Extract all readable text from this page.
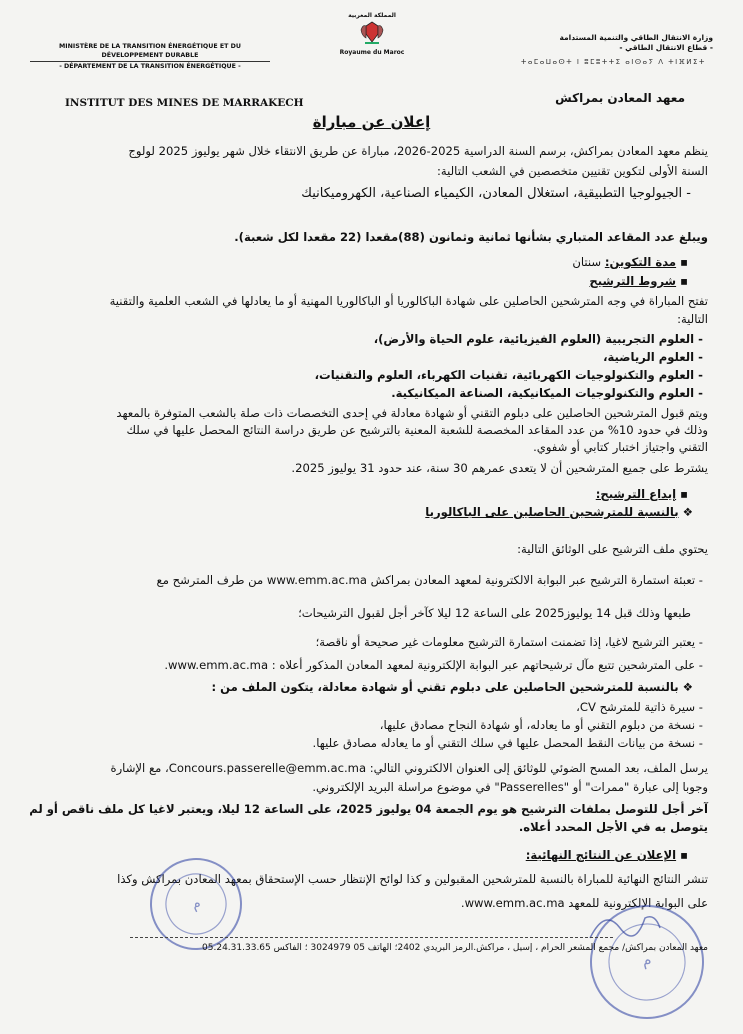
MINISTÈRE DE LA TRANSITION ÉNERGÉTIQUE ET DU
DÉVELOPPEMENT DURABLE
- DÉPARTEMENT DE LA TRANSITION ÉNERGÉTIQUE -
المملكة المغربية
Royaume du Maroc
وزارة الانتقال الطاقي والتنمية المستدامة
- قطاع الانتقال الطاقي -
ⵜⴰⵎⴰⵡⴰⵙⵜ ⵏ ⵓⵎⵓⵜⵜⵉ ⴰⵏⵙⴰⵢ ⴷ ⵜⵏⴼⵍⵉⵜ
INSTITUT DES MINES DE MARRAKECH	معهد المعادن بمراكش
إعلان عن مباراة
ينظم معهد المعادن بمراكش، برسم السنة الدراسية 2025-2026، مباراة عن طريق الانتقاء خلال شهر يوليوز 2025 لولوج
السنة الأولى لتكوين تقنيين متخصصين في الشعب التالية:
- الجيولوجيا التطبيقية، استغلال المعادن، الكيمياء الصناعية، الكهروميكانيك
ويبلغ عدد المقاعد المتباري بشأنها ثمانية وثمانون (88)مقعدا (22 مقعدا لكل شعبة).
▪ مدة التكوين: سنتان
▪ شروط الترشيح
تفتح المباراة في وجه المترشحين الحاصلين على شهادة الباكالوريا أو الباكالوريا المهنية أو ما يعادلها في الشعب العلمية والتقنية
التالية:
- العلوم التجريبية (العلوم الفيزيائية، علوم الحياة والأرض)،
- العلوم الرياضية،
- العلوم والتكنولوجيات الكهربائية، تقنيات الكهرباء، العلوم والتقنيات،
- العلوم والتكنولوجيات الميكانيكية، الصناعة الميكانيكية.
ويتم قبول المترشحين الحاصلين على دبلوم التقني أو شهادة معادلة في إحدى التخصصات ذات صلة بالشعب المتوفرة بالمعهد
وذلك في حدود 10% من عدد المقاعد المخصصة للشعبة المعنية بالترشيح عن طريق دراسة النتائج المحصل عليها في سلك
التقني واجتياز اختبار كتابي أو شفوي.
يشترط على جميع المترشحين أن لا يتعدى عمرهم 30 سنة، عند حدود 31 يوليوز 2025.
▪ إيداع الترشيح:
❖ بالنسبة للمترشحين الحاصلين على الباكالوريا
يحتوي ملف الترشيح على الوثائق التالية:
- تعبئة استمارة الترشيح عبر البوابة الالكترونية لمعهد المعادن بمراكش www.emm.ac.ma من طرف المترشح مع
طبعها وذلك قبل 14 يوليوز2025 على الساعة 12 ليلا كآخر أجل لقبول الترشيحات؛
- يعتبر الترشيح لاغيا، إذا تضمنت استمارة الترشيح معلومات غير صحيحة أو ناقصة؛
- على المترشحين تتبع مآل ترشيحاتهم عبر البوابة الإلكترونية لمعهد المعادن المذكور أعلاه : www.emm.ac.ma.
❖ بالنسبة للمترشحين الحاصلين على دبلوم تقني أو شهادة معادلة، يتكون الملف من :
- سيرة ذاتية للمترشح CV،
- نسخة من دبلوم التقني أو ما يعادله، أو شهادة النجاح مصادق عليها،
- نسخة من بيانات النقط المحصل عليها في سلك التقني أو ما يعادله مصادق عليها.
يرسل الملف، بعد المسح الضوئي للوثائق إلى العنوان الالكتروني التالي: Concours.passerelle@emm.ac.ma، مع الإشارة
وجوبا إلى عبارة "ممرات" أو "Passerelles" في موضوع مراسلة البريد الإلكتروني.
آخر أجل للتوصل بملفات الترشيح هو يوم الجمعة 04 يوليوز 2025، على الساعة 12 ليلا، ويعتبر لاغيا كل ملف ناقص أو لم
يتوصل به في الأجل المحدد أعلاه.
▪ الإعلان عن النتائج النهائية:
تنشر النتائج النهائية للمباراة بالنسبة للمترشحين المقبولين و كذا لوائح الإنتظار حسب الإستحقاق بمعهد المعادن بمراكش وكذا
على البوابة الإلكترونية للمعهد www.emm.ac.ma.
م
م
معهد المعادن بمراكش/ مجمع المشعر الحرام ، إسيل ، مراكش.الرمز البريدي 2402؛ الهاتف 05 3024979 ؛ الفاكس 05.24.31.33.65
